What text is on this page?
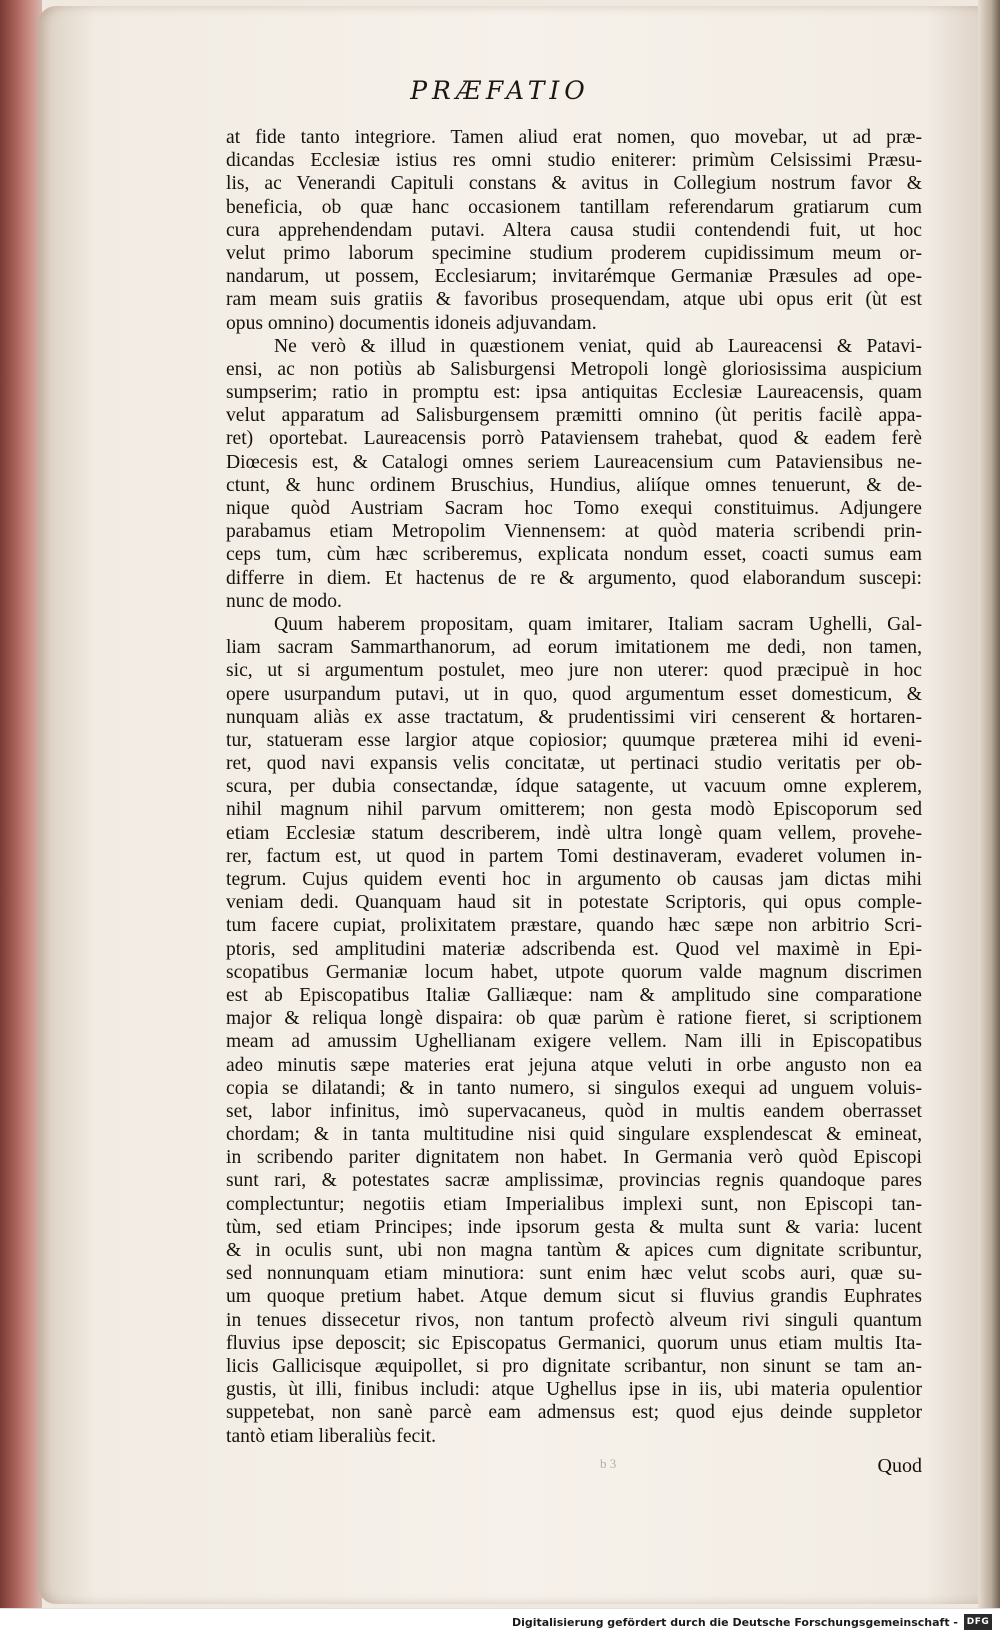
PRÆFATIO
at fide tanto integriore. Tamen aliud erat nomen, quo movebar, ut ad præ-
dicandas Ecclesiæ istius res omni studio eniterer: primùm Celsissimi Præsu-
lis, ac Venerandi Capituli constans & avitus in Collegium nostrum favor &
beneficia, ob quæ hanc occasionem tantillam referendarum gratiarum cum
cura apprehendendam putavi. Altera causa studii contendendi fuit, ut hoc
velut primo laborum specimine studium proderem cupidissimum meum or-
nandarum, ut possem, Ecclesiarum; invitarémque Germaniæ Præsules ad ope-
ram meam suis gratiis & favoribus prosequendam, atque ubi opus erit (ùt est
opus omnino) documentis idoneis adjuvandam.
Ne verò & illud in quæstionem veniat, quid ab Laureacensi & Patavi-
ensi, ac non potiùs ab Salisburgensi Metropoli longè gloriosissima auspicium
sumpserim; ratio in promptu est: ipsa antiquitas Ecclesiæ Laureacensis, quam
velut apparatum ad Salisburgensem præmitti omnino (ùt peritis facilè appa-
ret) oportebat. Laureacensis porrò Pataviensem trahebat, quod & eadem ferè
Diœcesis est, & Catalogi omnes seriem Laureacensium cum Pataviensibus ne-
ctunt, & hunc ordinem Bruschius, Hundius, aliíque omnes tenuerunt, & de-
nique quòd Austriam Sacram hoc Tomo exequi constituimus. Adjungere
parabamus etiam Metropolim Viennensem: at quòd materia scribendi prin-
ceps tum, cùm hæc scriberemus, explicata nondum esset, coacti sumus eam
differre in diem. Et hactenus de re & argumento, quod elaborandum suscepi:
nunc de modo.
Quum haberem propositam, quam imitarer, Italiam sacram Ughelli, Gal-
liam sacram Sammarthanorum, ad eorum imitationem me dedi, non tamen,
sic, ut si argumentum postulet, meo jure non uterer: quod præcipuè in hoc
opere usurpandum putavi, ut in quo, quod argumentum esset domesticum, &
nunquam aliàs ex asse tractatum, & prudentissimi viri censerent & hortaren-
tur, statueram esse largior atque copiosior; quumque præterea mihi id eveni-
ret, quod navi expansis velis concitatæ, ut pertinaci studio veritatis per ob-
scura, per dubia consectandæ, ídque satagente, ut vacuum omne explerem,
nihil magnum nihil parvum omitterem; non gesta modò Episcoporum sed
etiam Ecclesiæ statum describerem, indè ultra longè quam vellem, provehe-
rer, factum est, ut quod in partem Tomi destinaveram, evaderet volumen in-
tegrum. Cujus quidem eventi hoc in argumento ob causas jam dictas mihi
veniam dedi. Quanquam haud sit in potestate Scriptoris, qui opus comple-
tum facere cupiat, prolixitatem præstare, quando hæc sæpe non arbitrio Scri-
ptoris, sed amplitudini materiæ adscribenda est. Quod vel maximè in Epi-
scopatibus Germaniæ locum habet, utpote quorum valde magnum discrimen
est ab Episcopatibus Italiæ Galliæque: nam & amplitudo sine comparatione
major & reliqua longè dispaira: ob quæ parùm è ratione fieret, si scriptionem
meam ad amussim Ughellianam exigere vellem. Nam illi in Episcopatibus
adeo minutis sæpe materies erat jejuna atque veluti in orbe angusto non ea
copia se dilatandi; & in tanto numero, si singulos exequi ad unguem voluis-
set, labor infinitus, imò supervacaneus, quòd in multis eandem oberrasset
chordam; & in tanta multitudine nisi quid singulare exsplendescat & emineat,
in scribendo pariter dignitatem non habet. In Germania verò quòd Episcopi
sunt rari, & potestates sacræ amplissimæ, provincias regnis quandoque pares
complectuntur; negotiis etiam Imperialibus implexi sunt, non Episcopi tan-
tùm, sed etiam Principes; inde ipsorum gesta & multa sunt & varia: lucent
& in oculis sunt, ubi non magna tantùm & apices cum dignitate scribuntur,
sed nonnunquam etiam minutiora: sunt enim hæc velut scobs auri, quæ su-
um quoque pretium habet. Atque demum sicut si fluvius grandis Euphrates
in tenues dissecetur rivos, non tantum profectò alveum rivi singuli quantum
fluvius ipse deposcit; sic Episcopatus Germanici, quorum unus etiam multis Ita-
licis Gallicisque æquipollet, si pro dignitate scribantur, non sinunt se tam an-
gustis, ùt illi, finibus includi: atque Ughellus ipse in iis, ubi materia opulentior
suppetebat, non sanè parcè eam admensus est; quod ejus deinde suppletor
tantò etiam liberaliùs fecit.
b 3	Quod
Digitalisierung gefördert durch die Deutsche Forschungsgemeinschaft - DFG
